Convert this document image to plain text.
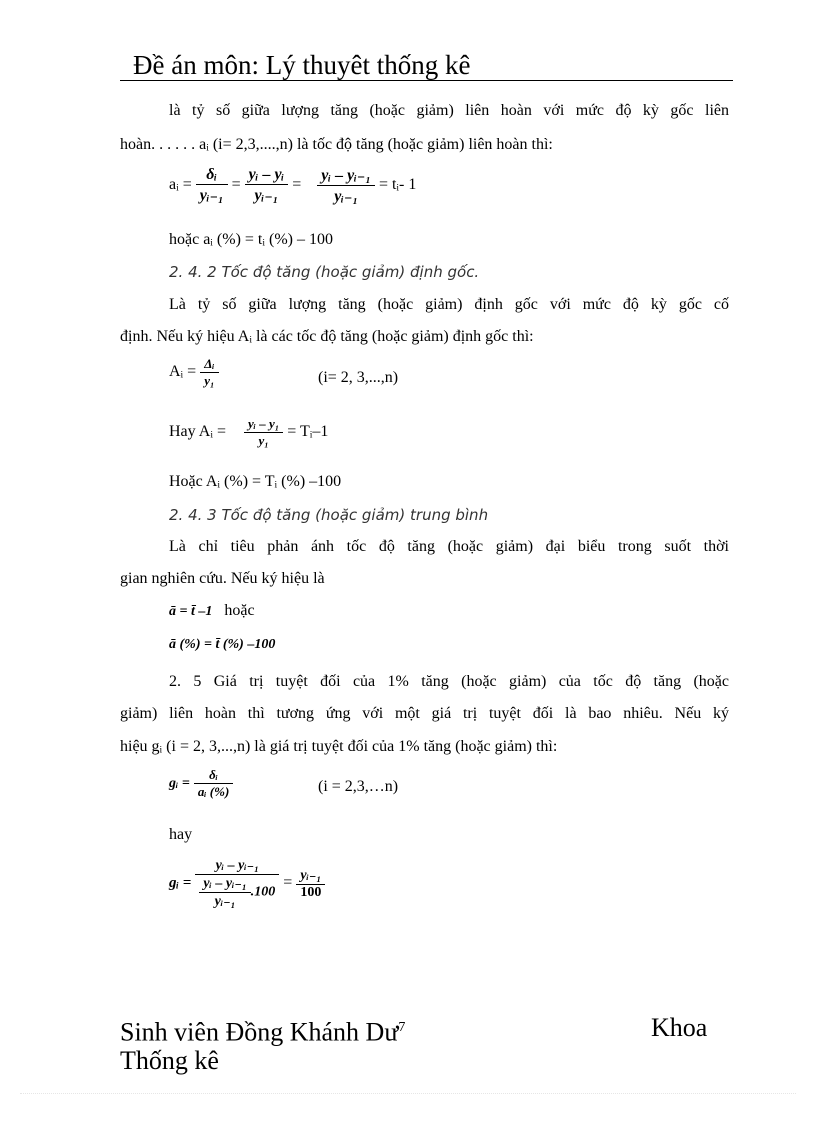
Đề án môn: Lý thuyêt thống kê
là tỷ số giữa lượng tăng (hoặc giảm) liên hoàn với mức độ kỳ gốc liên
hoàn. . . . . . aᵢ (i= 2,3,....,n) là tốc độ tăng (hoặc giảm) liên hoàn thì:
aᵢ = $\frac{\text{δᵢ}}{\text{yᵢ₋₁}} = \frac{\text{yᵢ – yᵢ}}{\text{yᵢ₋₁}} = \frac{\text{yᵢ – yᵢ₋₁}}{\text{yᵢ₋₁}}$ = tᵢ- 1
hoặc aᵢ (%) = tᵢ (%) – 100
2. 4. 2 Tốc độ tăng (hoặc giảm) định gốc.
Là tỷ số giữa lượng tăng (hoặc giảm) định gốc với mức độ kỳ gốc cố
định. Nếu ký hiệu Aᵢ là các tốc độ tăng (hoặc giảm) định gốc thì:
Aᵢ = $\frac{\text{Δᵢ}}{\text{y₁}}$	(i= 2, 3,...,n)
Hay Aᵢ = $\frac{\text{yᵢ – y₁}}{\text{y₁}}$ = Tᵢ–1
Hoặc Aᵢ (%) = Tᵢ (%) –100
2. 4. 3 Tốc độ tăng (hoặc giảm) trung bình
Là chỉ tiêu phản ánh tốc độ tăng (hoặc giảm) đại biểu trong suốt thời
gian nghiên cứu. Nếu ký hiệu là
ā = t̄ –1 hoặc
ā (%) = t̄ (%) –100
2. 5 Giá trị tuyệt đối của 1% tăng (hoặc giảm) của tốc độ tăng (hoặc
giảm) liên hoàn thì tương ứng với một giá trị tuyệt đối là bao nhiêu. Nếu ký
hiệu gᵢ (i = 2, 3,...,n) là giá trị tuyệt đối của 1% tăng (hoặc giảm) thì:
gᵢ = $\frac{\text{δᵢ}}{\text{aᵢ (\%)}}$	(i = 2,3,…n)
hay
gᵢ = $\frac{\text{yᵢ – yᵢ₋₁}}{\frac{\text{yᵢ – yᵢ₋₁}}{\text{yᵢ₋₁}} .100} = \frac{\text{yᵢ₋₁}}{100}$
Sinh viên Đồng Khánh $Dư^7$	Khoa
Thống kê
